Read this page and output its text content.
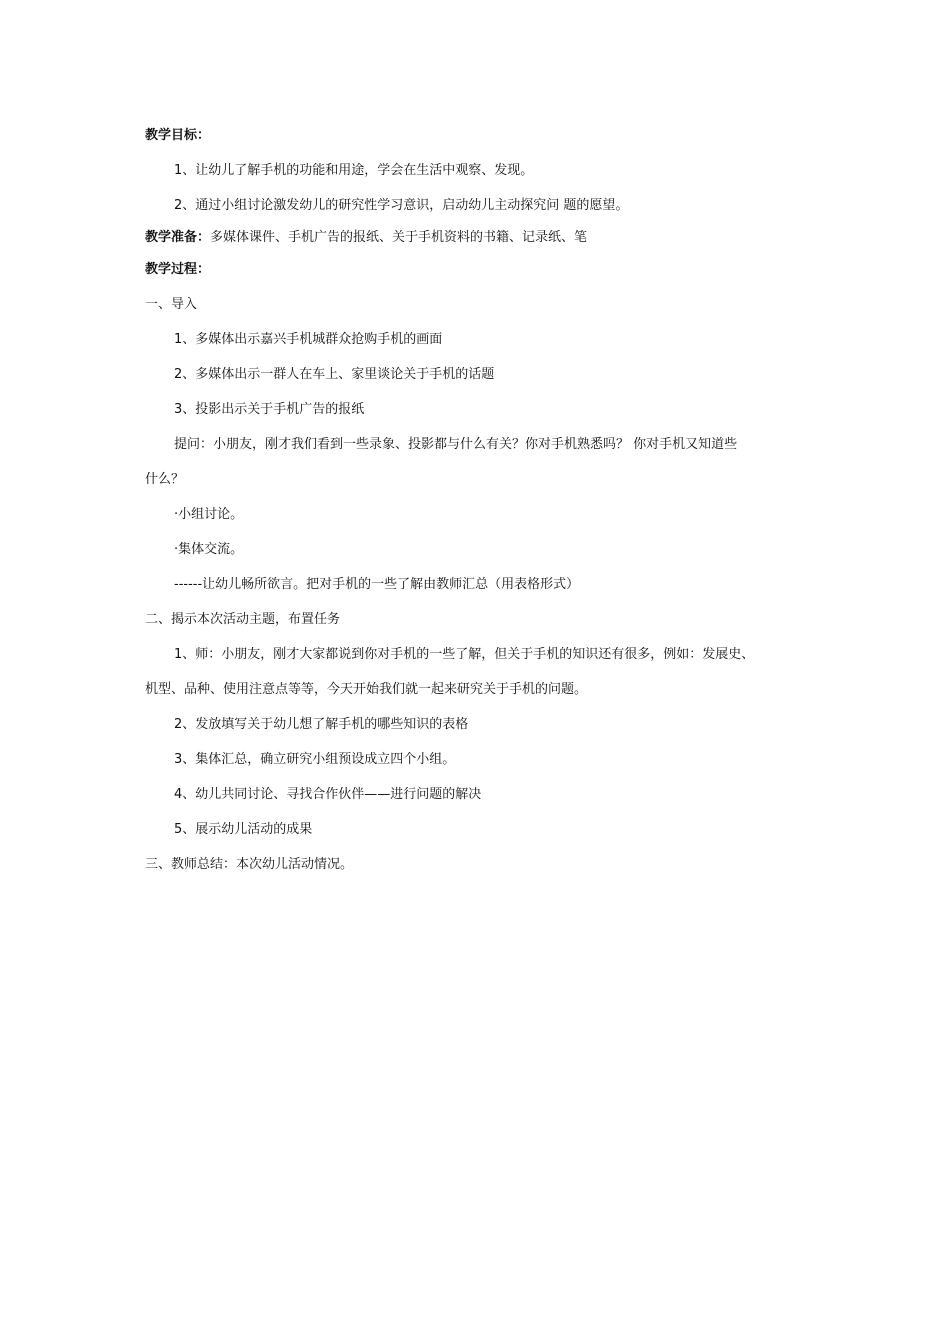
教学目标：

1、让幼儿了解手机的功能和用途，学会在生活中观察、发现。

2、通过小组讨论激发幼儿的研究性学习意识，启动幼儿主动探究问 题的愿望。

教学准备：多媒体课件、手机广告的报纸、关于手机资料的书籍、记录纸、笔

教学过程：

一、导入

1、多媒体出示嘉兴手机城群众抢购手机的画面

2、多媒体出示一群人在车上、家里谈论关于手机的话题

3、投影出示关于手机广告的报纸

提问：小朋友，刚才我们看到一些录象、投影都与什么有关？你对手机熟悉吗？ 你对手机又知道些

什么？

·小组讨论。

·集体交流。

------让幼儿畅所欲言。把对手机的一些了解由教师汇总（用表格形式）

二、揭示本次活动主题，布置任务

1、师：小朋友，刚才大家都说到你对手机的一些了解，但关于手机的知识还有很多，例如：发展史、

机型、品种、使用注意点等等，今天开始我们就一起来研究关于手机的问题。

2、发放填写关于幼儿想了解手机的哪些知识的表格

3、集体汇总，确立研究小组预设成立四个小组。

4、幼儿共同讨论、寻找合作伙伴——进行问题的解决

5、展示幼儿活动的成果

三、教师总结：本次幼儿活动情况。
